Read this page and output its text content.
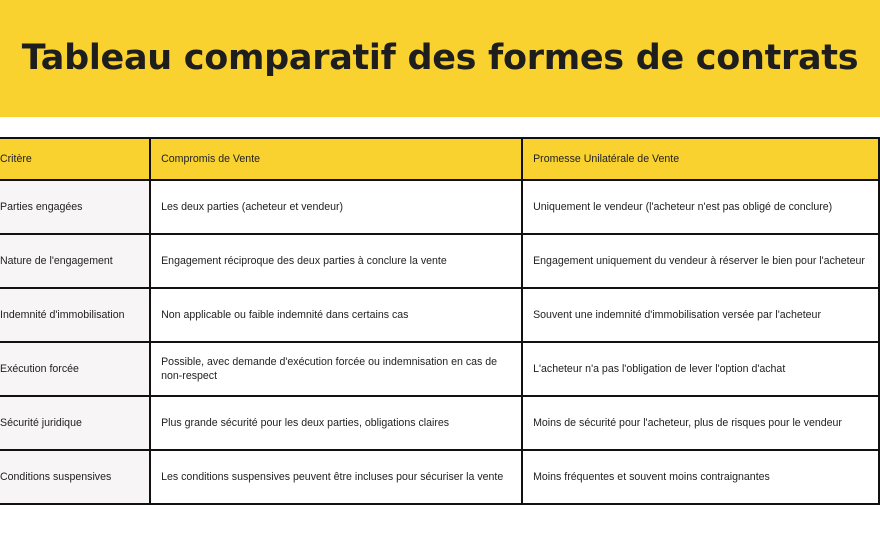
Tableau comparatif des formes de contrats
Critère	Compromis de Vente	Promesse Unilatérale de Vente
Parties engagées	Les deux parties (acheteur et vendeur)	Uniquement le vendeur (l'acheteur n'est pas obligé de conclure)
Nature de l'engagement	Engagement réciproque des deux parties à conclure la vente	Engagement uniquement du vendeur à réserver le bien pour l'acheteur
Indemnité d'immobilisation	Non applicable ou faible indemnité dans certains cas	Souvent une indemnité d'immobilisation versée par l'acheteur
Exécution forcée	Possible, avec demande d'exécution forcée ou indemnisation en cas de non-respect	L'acheteur n'a pas l'obligation de lever l'option d'achat
Sécurité juridique	Plus grande sécurité pour les deux parties, obligations claires	Moins de sécurité pour l'acheteur, plus de risques pour le vendeur
Conditions suspensives	Les conditions suspensives peuvent être incluses pour sécuriser la vente	Moins fréquentes et souvent moins contraignantes
